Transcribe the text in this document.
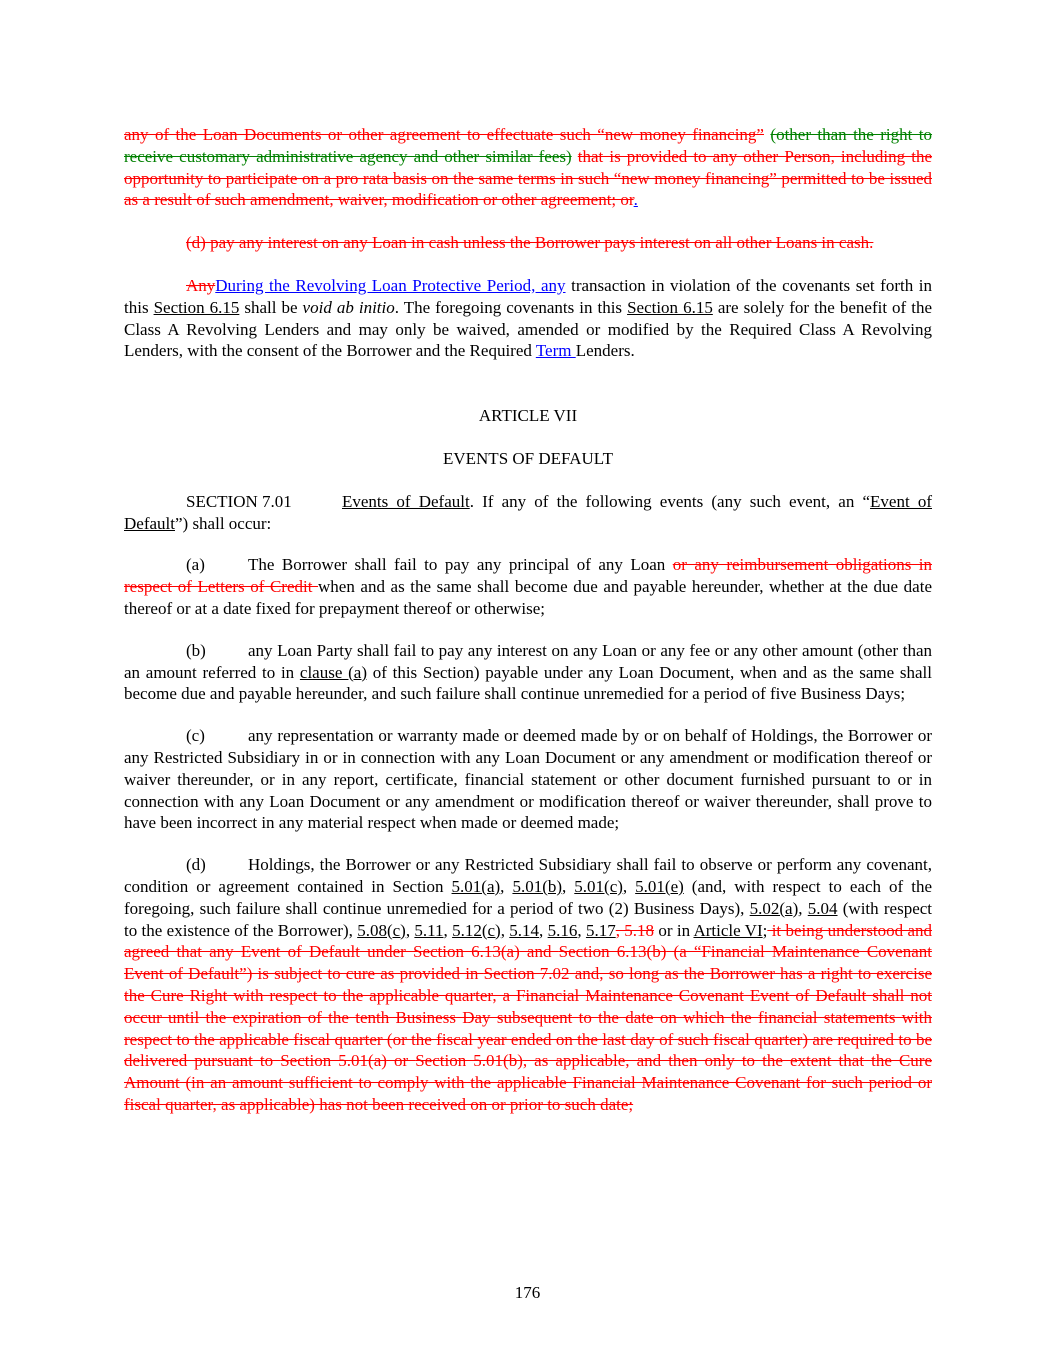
any of the Loan Documents or other agreement to effectuate such “new money financing” (other than the right to receive customary administrative agency and other similar fees) that is provided to any other Person, including the opportunity to participate on a pro rata basis on the same terms in such “new money financing” permitted to be issued as a result of such amendment, waiver, modification or other agreement; or.

(d) pay any interest on any Loan in cash unless the Borrower pays interest on all other Loans in cash.

AnyDuring the Revolving Loan Protective Period, any transaction in violation of the covenants set forth in this Section 6.15 shall be void ab initio. The foregoing covenants in this Section 6.15 are solely for the benefit of the Class A Revolving Lenders and may only be waived, amended or modified by the Required Class A Revolving Lenders, with the consent of the Borrower and the Required Term Lenders.

ARTICLE VII

EVENTS OF DEFAULT

SECTION 7.01	Events of Default. If any of the following events (any such event, an “Event of Default”) shall occur:

(a)	The Borrower shall fail to pay any principal of any Loan or any reimbursement obligations in respect of Letters of Credit when and as the same shall become due and payable hereunder, whether at the due date thereof or at a date fixed for prepayment thereof or otherwise;

(b) any Loan Party shall fail to pay any interest on any Loan or any fee or any other amount (other than an amount referred to in clause (a) of this Section) payable under any Loan Document, when and as the same shall become due and payable hereunder, and such failure shall continue unremedied for a period of five Business Days;

(c)	any representation or warranty made or deemed made by or on behalf of Holdings, the Borrower or any Restricted Subsidiary in or in connection with any Loan Document or any amendment or modification thereof or waiver thereunder, or in any report, certificate, financial statement or other document furnished pursuant to or in connection with any Loan Document or any amendment or modification thereof or waiver thereunder, shall prove to have been incorrect in any material respect when made or deemed made;

(d) Holdings, the Borrower or any Restricted Subsidiary shall fail to observe or perform any covenant, condition or agreement contained in Section 5.01(a), 5.01(b), 5.01(c), 5.01(e) (and, with respect to each of the foregoing, such failure shall continue unremedied for a period of two (2) Business Days), 5.02(a), 5.04 (with respect to the existence of the Borrower), 5.08(c), 5.11, 5.12(c), 5.14, 5.16, 5.17, 5.18 or in Article VI; it being understood and agreed that any Event of Default under Section 6.13(a) and Section 6.13(b) (a “Financial Maintenance Covenant Event of Default”) is subject to cure as provided in Section 7.02 and, so long as the Borrower has a right to exercise the Cure Right with respect to the applicable quarter, a Financial Maintenance Covenant Event of Default shall not occur until the expiration of the tenth Business Day subsequent to the date on which the financial statements with respect to the applicable fiscal quarter (or the fiscal year ended on the last day of such fiscal quarter) are required to be delivered pursuant to Section 5.01(a) or Section 5.01(b), as applicable, and then only to the extent that the Cure Amount (in an amount sufficient to comply with the applicable Financial Maintenance Covenant for such period or fiscal quarter, as applicable) has not been received on or prior to such date;

176
